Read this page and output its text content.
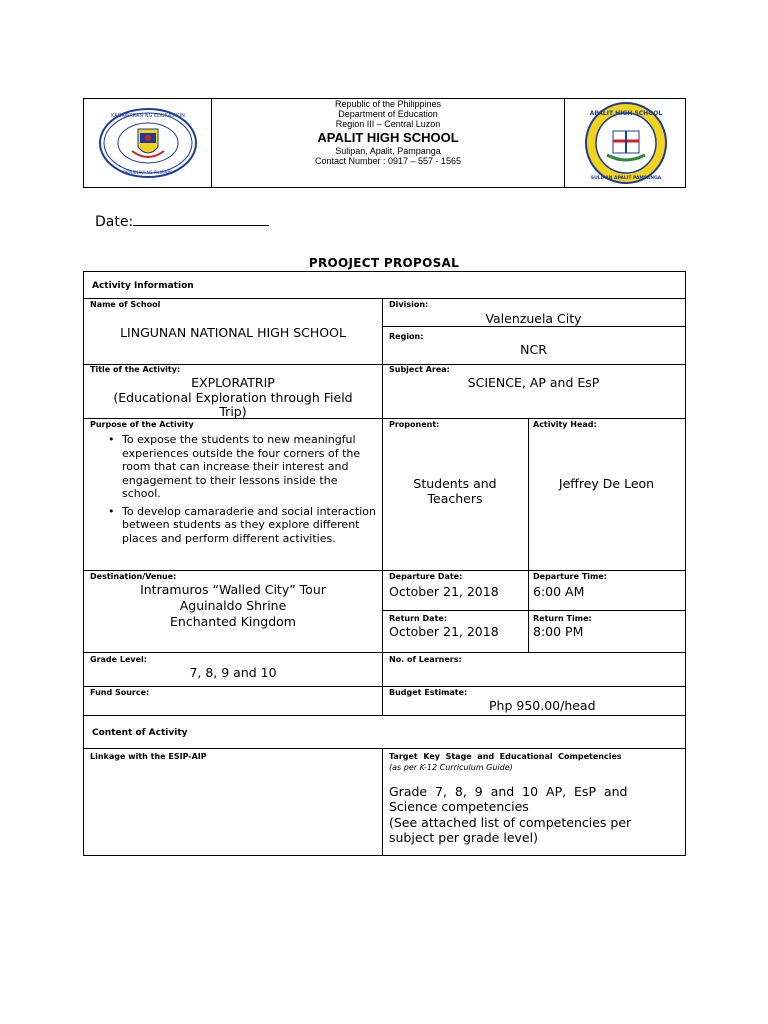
KAGAWARAN NG EDUKASYON
REPUBLIKA NG PILIPINAS
Republic of the Philippines
Department of Education
Region III – Central Luzon
APALIT HIGH SCHOOL
Sulipan, Apalit, Pampanga
Contact Number : 0917 – 557 - 1565
APALIT HIGH SCHOOL
SULIPAN APALIT PAMPANGA
Date:
PROOJECT PROPOSAL
Activity Information
Name of School
LINGUNAN NATIONAL HIGH SCHOOL
Division:
Valenzuela City
Region:
NCR
Title of the Activity:
EXPLORATRIP
(Educational Exploration through Field
Trip)
Subject Area:
SCIENCE, AP and EsP
Purpose of the Activity
• To expose the students to new meaningful experiences outside the four corners of the room that can increase their interest and engagement to their lessons inside the school.
• To develop camaraderie and social interaction between students as they explore different places and perform different activities.
Proponent:
Students and
Teachers
Activity Head:
Jeffrey De Leon
Destination/Venue:
Intramuros “Walled City” Tour
Aguinaldo Shrine
Enchanted Kingdom
Departure Date:
October 21, 2018
Departure Time:
6:00 AM
Return Date:
October 21, 2018
Return Time:
8:00 PM
Grade Level:
7, 8, 9 and 10
No. of Learners:
Fund Source:	Budget Estimate:
Php 950.00/head
Content of Activity
Linkage with the ESIP-AIP	Target  Key  Stage  and  Educational  Competencies
(as per K-12 Curriculum Guide)
Grade  7,  8,  9  and  10  AP,  EsP  and
Science competencies
(See attached list of competencies per
subject per grade level)
